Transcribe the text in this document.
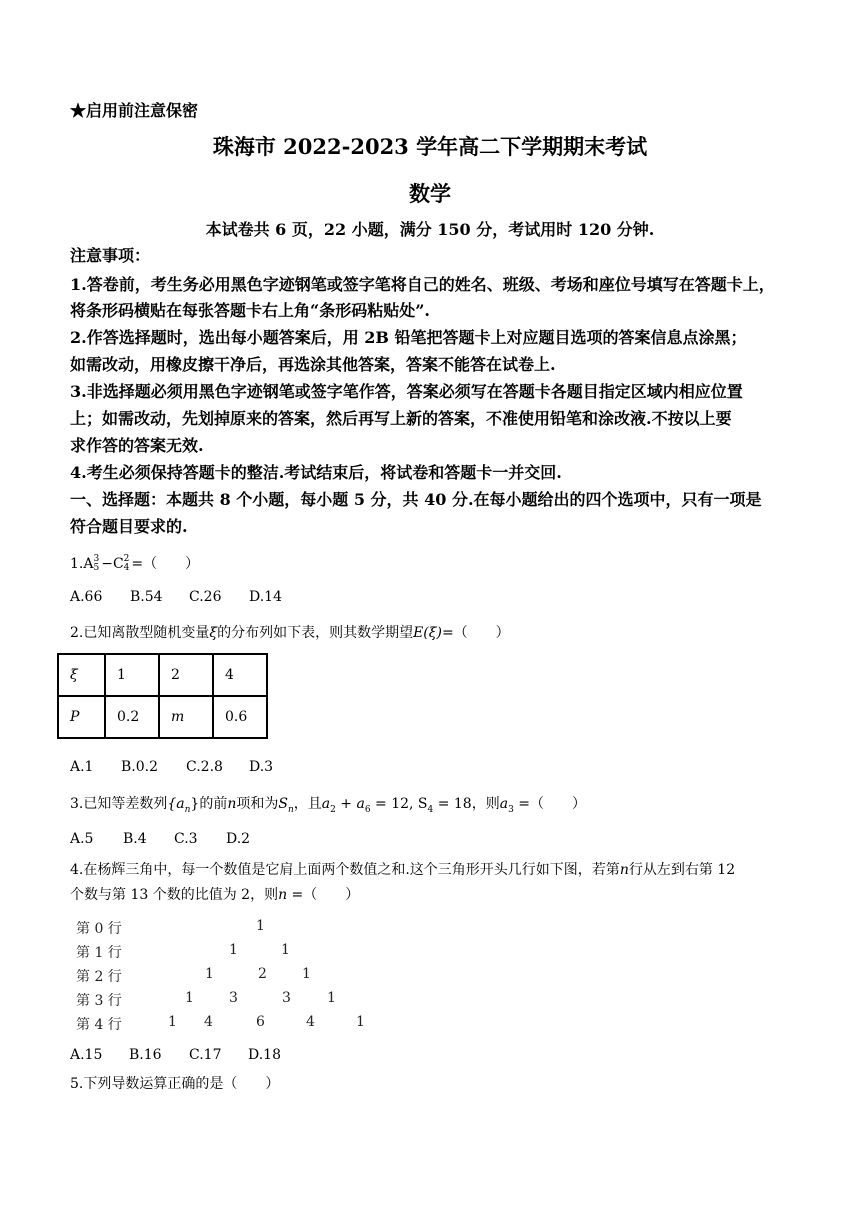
★启用前注意保密
珠海市 2022-2023 学年高二下学期期末考试
数学
本试卷共 6 页，22 小题，满分 150 分，考试用时 120 分钟.
注意事项：
1.答卷前，考生务必用黑色字迹钢笔或签字笔将自己的姓名、班级、考场和座位号填写在答题卡上，
将条形码横贴在每张答题卡右上角“条形码粘贴处”.
2.作答选择题时，选出每小题答案后，用 2B 铅笔把答题卡上对应题目选项的答案信息点涂黑；
如需改动，用橡皮擦干净后，再选涂其他答案，答案不能答在试卷上.
3.非选择题必须用黑色字迹钢笔或签字笔作答，答案必须写在答题卡各题目指定区域内相应位置
上；如需改动，先划掉原来的答案，然后再写上新的答案，不准使用铅笔和涂改液.不按以上要
求作答的答案无效.
4.考生必须保持答题卡的整洁.考试结束后，将试卷和答题卡一并交回.
一、选择题：本题共 8 个小题，每小题 5 分，共 40 分.在每小题给出的四个选项中，只有一项是
符合题目要求的.
1.A 3
5 −C 2
4 =（　　）
A.66 B.54 C.26 D.14
2.已知离散型随机变量ξ的分布列如下表，则其数学期望E(ξ)=（　　）
ξ	1	2	4
P	0.2	m	0.6
A.1 B.0.2 C.2.8 D.3
3.已知等差数列$\{a_n\}$的前n项和为$S_n$，且$a_2 + a_6 = 12$, $S_4 = 18$，则$a_3$ =（　　）
A.5 B.4 C.3 D.2
4.在杨辉三角中，每一个数值是它肩上面两个数值之和.这个三角形开头几行如下图，若第n行从左到右第 12
个数与第 13 个数的比值为 2，则n =（　　）
第 0 行	1
第 1 行	1	1
第 2 行	1	2	1
第 3 行	1	3	3	1
第 4 行	1 4	6	4	1
A.15 B.16 C.17 D.18
5.下列导数运算正确的是（　　）
